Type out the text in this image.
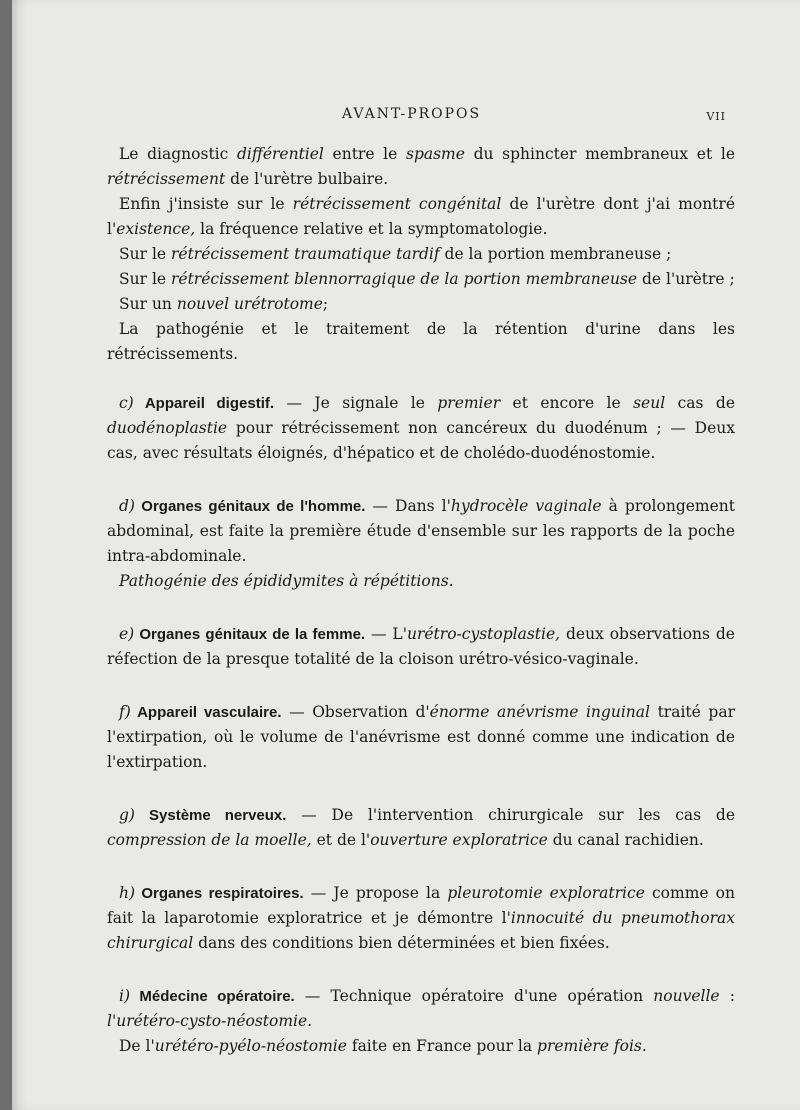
AVANT-PROPOS	VII

Le diagnostic différentiel entre le spasme du sphincter membraneux et le rétrécissement de l'urètre bulbaire.

Enfin j'insiste sur le rétrécissement congénital de l'urètre dont j'ai montré l'existence, la fréquence relative et la symptomatologie.

Sur le rétrécissement traumatique tardif de la portion membraneuse ;

Sur le rétrécissement blennorragique de la portion membraneuse de l'urètre ;

Sur un nouvel urétrotome;

La pathogénie et le traitement de la rétention d'urine dans les rétrécissements.

c) Appareil digestif. — Je signale le premier et encore le seul cas de duodénoplastie pour rétrécissement non cancéreux du duodénum ; — Deux cas, avec résultats éloignés, d'hépatico et de cholédo-duodénostomie.

d) Organes génitaux de l'homme. — Dans l'hydrocèle vaginale à prolongement abdominal, est faite la première étude d'ensemble sur les rapports de la poche intra-abdominale.

Pathogénie des épididymites à répétitions.

e) Organes génitaux de la femme. — L'urétro-cystoplastie, deux observations de réfection de la presque totalité de la cloison urétro-vésico-vaginale.

f) Appareil vasculaire. — Observation d'énorme anévrisme inguinal traité par l'extirpation, où le volume de l'anévrisme est donné comme une indication de l'extirpation.

g) Système nerveux. — De l'intervention chirurgicale sur les cas de compression de la moelle, et de l'ouverture exploratrice du canal rachidien.

h) Organes respiratoires. — Je propose la pleurotomie exploratrice comme on fait la laparotomie exploratrice et je démontre l'innocuité du pneumothorax chirurgical dans des conditions bien déterminées et bien fixées.

i) Médecine opératoire. — Technique opératoire d'une opération nouvelle : l'urétéro-cysto-néostomie.

De l'urétéro-pyélo-néostomie faite en France pour la première fois.
